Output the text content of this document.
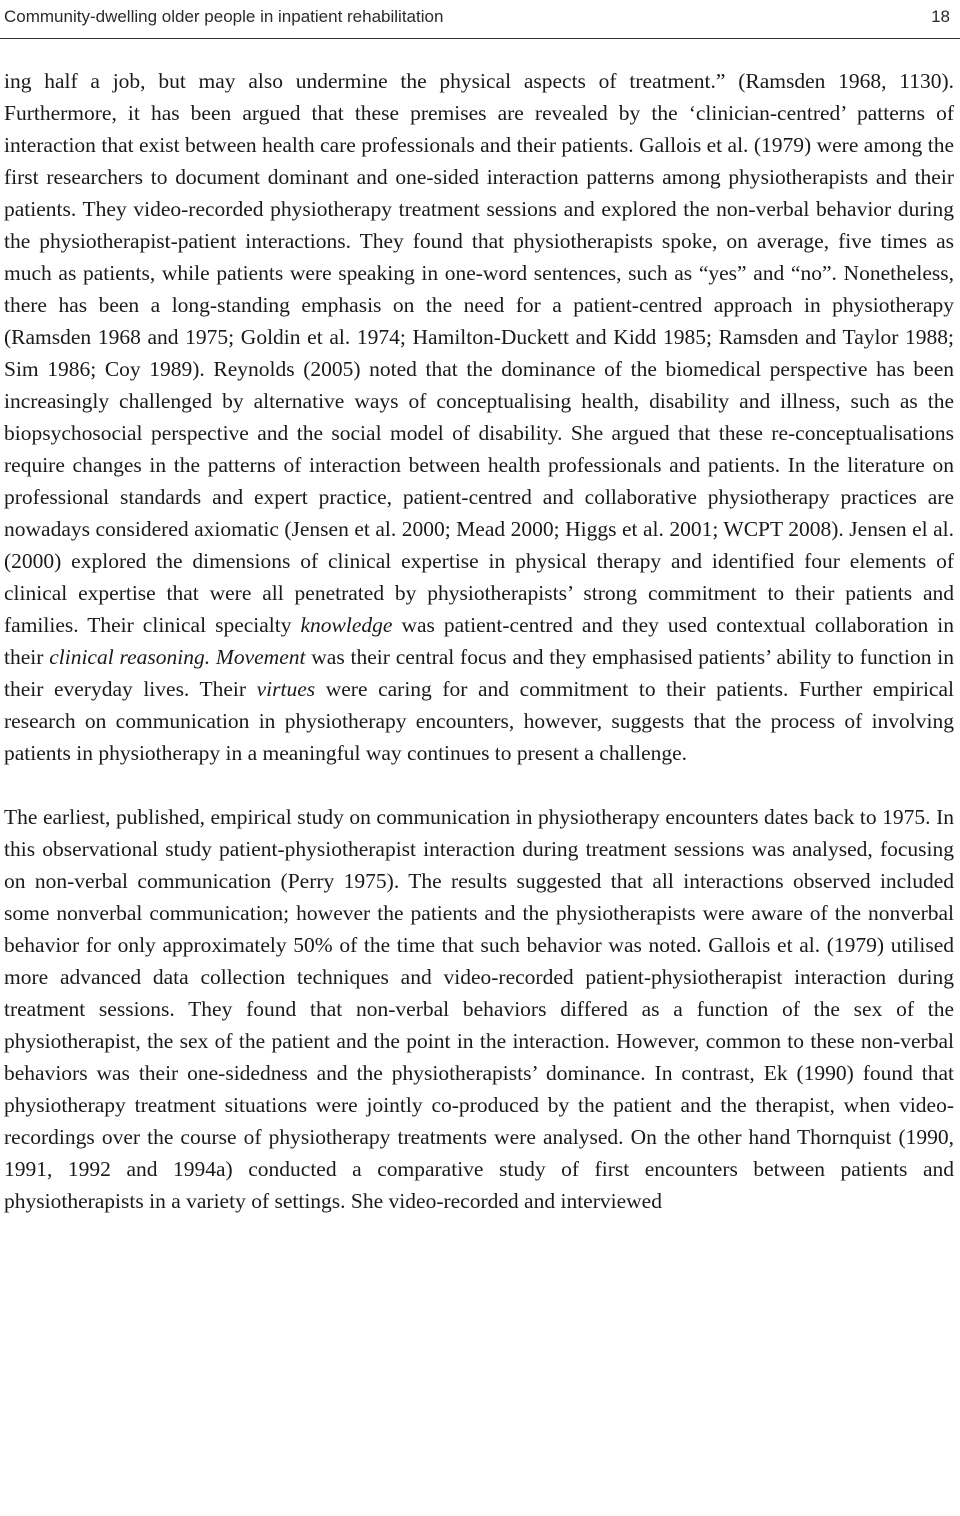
Community-dwelling older people in inpatient rehabilitation	18

ing half a job, but may also undermine the physical aspects of treatment.” (Ramsden 1968, 1130). Furthermore, it has been argued that these premises are revealed by the ‘clinician-centred’ patterns of interaction that exist between health care professionals and their patients. Gallois et al. (1979) were among the first researchers to document dominant and one-sided interaction patterns among physiotherapists and their patients. They video-recorded physiotherapy treatment sessions and explored the non-verbal behavior during the physiotherapist-patient interactions. They found that physiotherapists spoke, on average, five times as much as patients, while patients were speaking in one-word sentences, such as “yes” and “no”. Nonetheless, there has been a long-standing emphasis on the need for a patient-centred approach in physiotherapy (Ramsden 1968 and 1975; Goldin et al. 1974; Hamilton-Duckett and Kidd 1985; Ramsden and Taylor 1988; Sim 1986; Coy 1989). Reynolds (2005) noted that the dominance of the biomedical perspective has been increasingly challenged by alternative ways of conceptualising health, disability and illness, such as the biopsychosocial perspective and the social model of disability. She argued that these re-conceptualisations require changes in the patterns of interaction between health professionals and patients. In the literature on professional standards and expert practice, patient-centred and collaborative physiotherapy practices are nowadays considered axiomatic (Jensen et al. 2000; Mead 2000; Higgs et al. 2001; WCPT 2008). Jensen el al. (2000) explored the dimensions of clinical expertise in physical therapy and identified four elements of clinical expertise that were all penetrated by physiotherapists’ strong commitment to their patients and families. Their clinical specialty knowledge was patient-centred and they used contextual collaboration in their clinical reasoning. Movement was their central focus and they emphasised patients’ ability to function in their everyday lives. Their virtues were caring for and commitment to their patients. Further empirical research on communication in physiotherapy encounters, however, suggests that the process of involving patients in physiotherapy in a meaningful way continues to present a challenge.

The earliest, published, empirical study on communication in physiotherapy encounters dates back to 1975. In this observational study patient-physiotherapist interaction during treatment sessions was analysed, focusing on non-verbal communication (Perry 1975). The results suggested that all interactions observed included some nonverbal communication; however the patients and the physiotherapists were aware of the nonverbal behavior for only approximately 50% of the time that such behavior was noted. Gallois et al. (1979) utilised more advanced data collection techniques and video-recorded patient-physiotherapist interaction during treatment sessions. They found that non-verbal behaviors differed as a function of the sex of the physiotherapist, the sex of the patient and the point in the interaction. However, common to these non-verbal behaviors was their one-sidedness and the physiotherapists’ dominance. In contrast, Ek (1990) found that physiotherapy treatment situations were jointly co-produced by the patient and the therapist, when video-recordings over the course of physiotherapy treatments were analysed. On the other hand Thornquist (1990, 1991, 1992 and 1994a) conducted a comparative study of first encounters between patients and physiotherapists in a variety of settings. She video-recorded and interviewed
